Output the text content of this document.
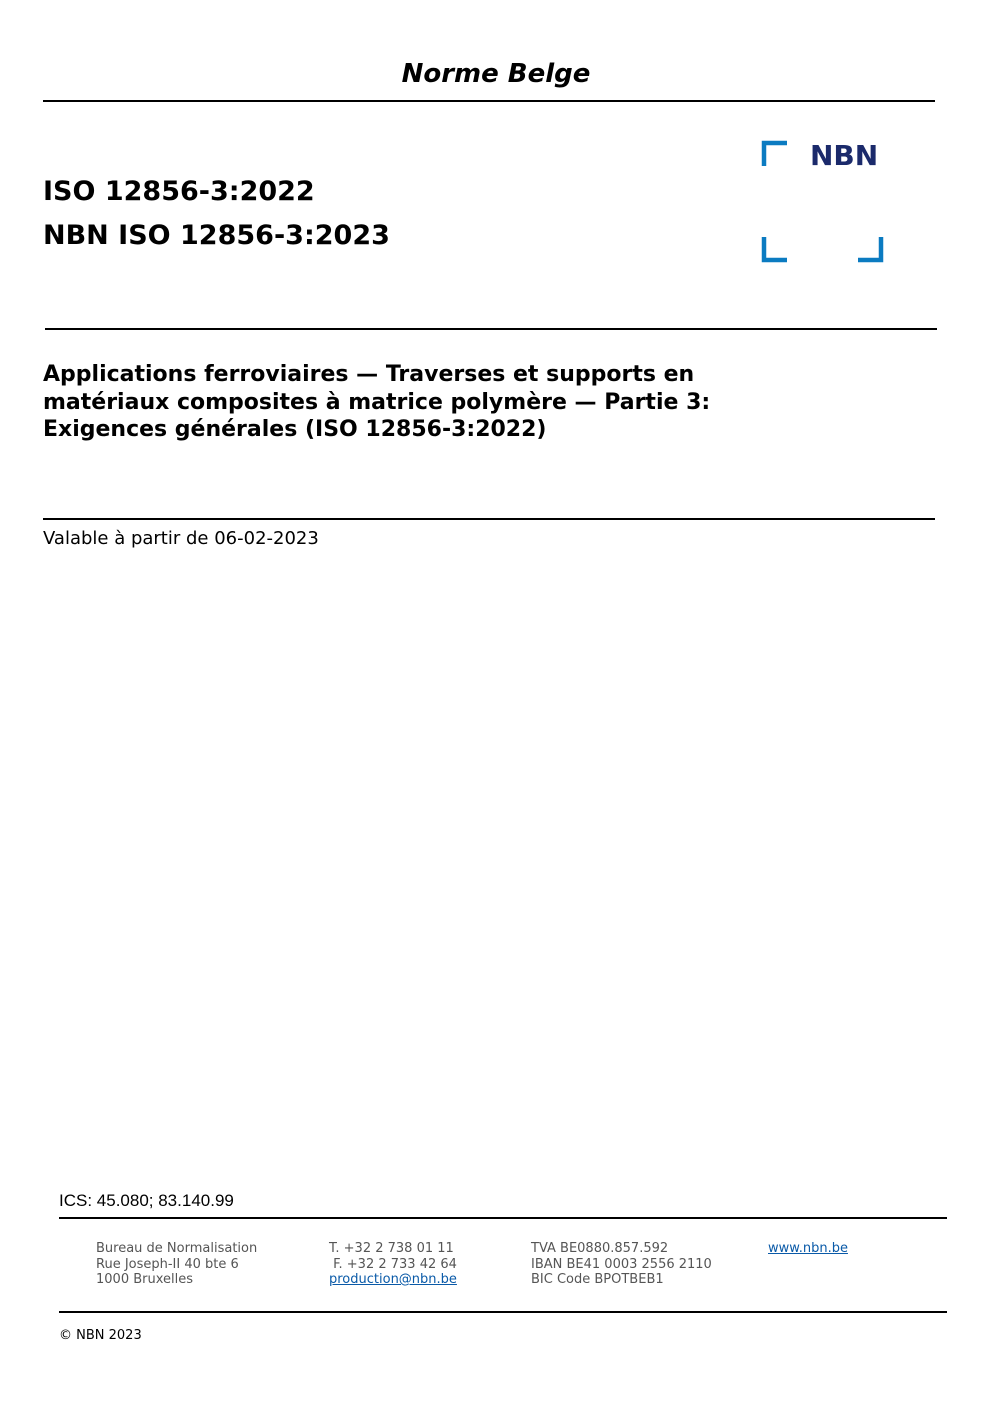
Norme Belge
ISO 12856-3:2022
NBN ISO 12856-3:2023
NBN
Applications ferroviaires — Traverses et supports en
matériaux composites à matrice polymère — Partie 3:
Exigences générales (ISO 12856-3:2022)
Valable à partir de 06-02-2023
ICS: 45.080; 83.140.99
Bureau de Normalisation
Rue Joseph-II 40 bte 6
1000 Bruxelles
T. +32 2 738 01 11
F. +32 2 733 42 64
production@nbn.be
TVA BE0880.857.592
IBAN BE41 0003 2556 2110
BIC Code BPOTBEB1
www.nbn.be
© NBN 2023
